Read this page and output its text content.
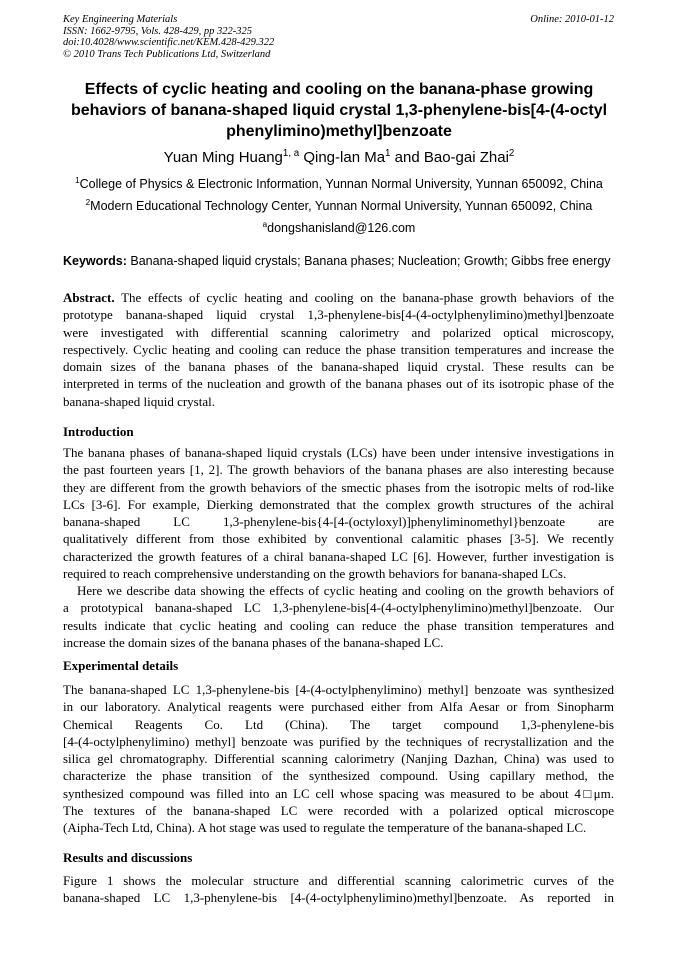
Key Engineering Materials
ISSN: 1662-9795, Vols. 428-429, pp 322-325
doi:10.4028/www.scientific.net/KEM.428-429.322
© 2010 Trans Tech Publications Ltd, Switzerland
Online: 2010-01-12
Effects of cyclic heating and cooling on the banana-phase growing
behaviors of banana-shaped liquid crystal 1,3-phenylene-bis[4-(4-octyl
phenylimino)methyl]benzoate
Yuan Ming Huang$^{1, a}$ Qing-lan Ma$^1$ and Bao-gai Zhai$^2$
$^1$College of Physics & Electronic Information, Yunnan Normal University, Yunnan 650092, China
$^2$Modern Educational Technology Center, Yunnan Normal University, Yunnan 650092, China
$^a$dongshanisland@126.com
Keywords: Banana-shaped liquid crystals; Banana phases; Nucleation; Growth; Gibbs free energy
Abstract. The effects of cyclic heating and cooling on the banana-phase growth behaviors of the
prototype banana-shaped liquid crystal 1,3-phenylene-bis[4-(4-octylphenylimino)methyl]benzoate
were investigated with differential scanning calorimetry and polarized optical microscopy,
respectively. Cyclic heating and cooling can reduce the phase transition temperatures and increase the
domain sizes of the banana phases of the banana-shaped liquid crystal. These results can be
interpreted in terms of the nucleation and growth of the banana phases out of its isotropic phase of the
banana-shaped liquid crystal.
Introduction
The banana phases of banana-shaped liquid crystals (LCs) have been under intensive investigations in
the past fourteen years [1, 2]. The growth behaviors of the banana phases are also interesting because
they are different from the growth behaviors of the smectic phases from the isotropic melts of rod-like
LCs [3-6]. For example, Dierking demonstrated that the complex growth structures of the achiral
banana-shaped LC 1,3-phenylene-bis{4-[4-(octyloxyl)]phenyliminomethyl}benzoate are
qualitatively different from those exhibited by conventional calamitic phases [3-5]. We recently
characterized the growth features of a chiral banana-shaped LC [6]. However, further investigation is
required to reach comprehensive understanding on the growth behaviors for banana-shaped LCs.
Here we describe data showing the effects of cyclic heating and cooling on the growth behaviors of
a prototypical banana-shaped LC 1,3-phenylene-bis[4-(4-octylphenylimino)methyl]benzoate. Our
results indicate that cyclic heating and cooling can reduce the phase transition temperatures and
increase the domain sizes of the banana phases of the banana-shaped LC.
Experimental details
The banana-shaped LC 1,3-phenylene-bis [4-(4-octylphenylimino) methyl] benzoate was synthesized
in our laboratory. Analytical reagents were purchased either from Alfa Aesar or from Sinopharm
Chemical Reagents Co. Ltd (China). The target compound 1,3-phenylene-bis
[4-(4-octylphenylimino) methyl] benzoate was purified by the techniques of recrystallization and the
silica gel chromatography. Differential scanning calorimetry (Nanjing Dazhan, China) was used to
characterize the phase transition of the synthesized compound. Using capillary method, the
synthesized compound was filled into an LC cell whose spacing was measured to be about 4□μm.
The textures of the banana-shaped LC were recorded with a polarized optical microscope
(Aipha-Tech Ltd, China). A hot stage was used to regulate the temperature of the banana-shaped LC.
Results and discussions
Figure 1 shows the molecular structure and differential scanning calorimetric curves of the
banana-shaped LC 1,3-phenylene-bis [4-(4-octylphenylimino)methyl]benzoate. As reported in
